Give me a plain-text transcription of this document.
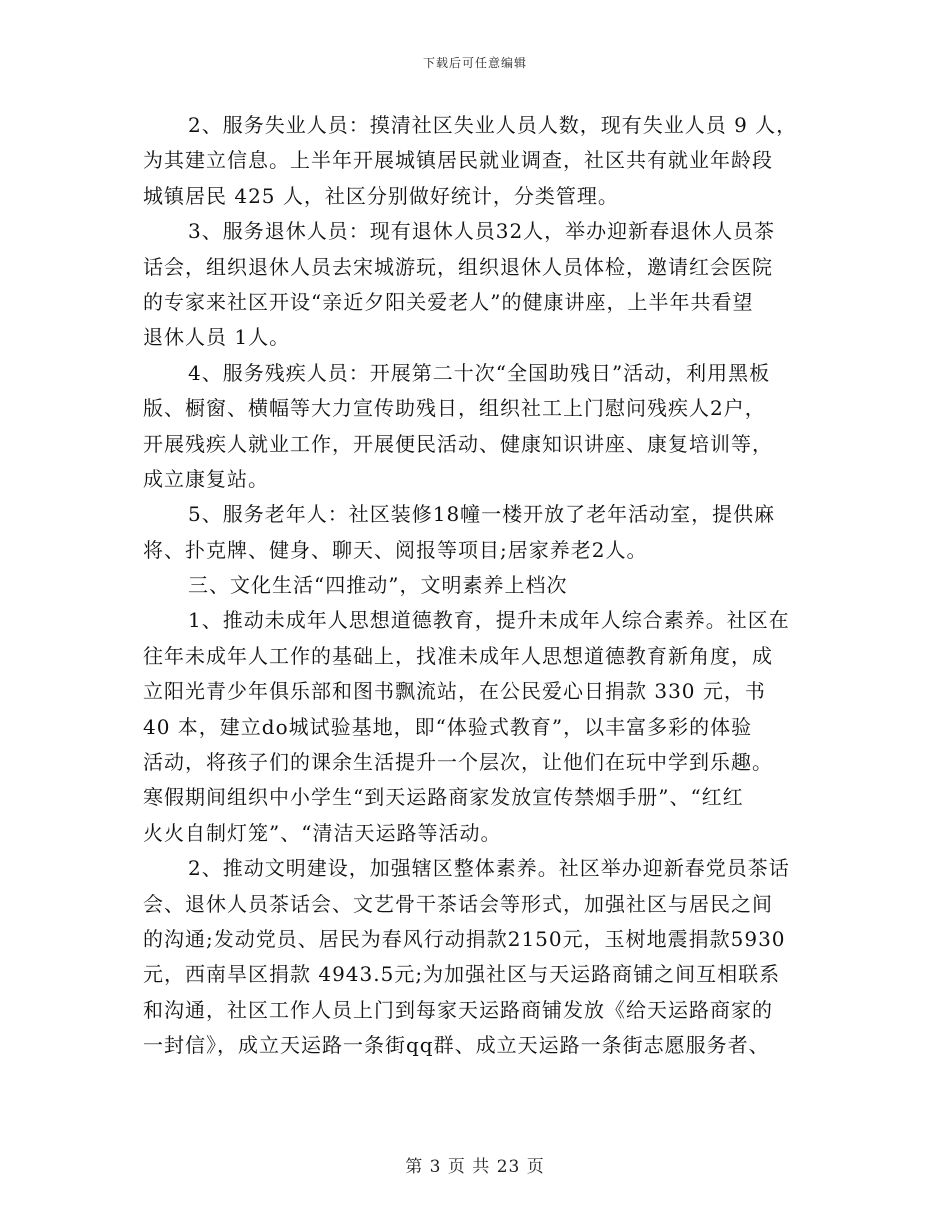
下载后可任意编辑
2、服务失业人员：摸清社区失业人员人数，现有失业人员 9 人，
为其建立信息。上半年开展城镇居民就业调查，社区共有就业年龄段
城镇居民 425 人，社区分别做好统计，分类管理。
3、服务退休人员：现有退休人员32人，举办迎新春退休人员茶
话会，组织退休人员去宋城游玩，组织退休人员体检，邀请红会医院
的专家来社区开设“亲近夕阳关爱老人”的健康讲座，上半年共看望
退休人员 1人。
4、服务残疾人员：开展第二十次“全国助残日”活动，利用黑板
版、橱窗、横幅等大力宣传助残日，组织社工上门慰问残疾人2户，
开展残疾人就业工作，开展便民活动、健康知识讲座、康复培训等，
成立康复站。
5、服务老年人：社区装修18幢一楼开放了老年活动室，提供麻
将、扑克牌、健身、聊天、阅报等项目;居家养老2人。
三、文化生活“四推动”，文明素养上档次
1、推动未成年人思想道德教育，提升未成年人综合素养。社区在
往年未成年人工作的基础上，找准未成年人思想道德教育新角度，成
立阳光青少年俱乐部和图书飘流站，在公民爱心日捐款 330 元，书
40 本，建立do城试验基地，即“体验式教育”，以丰富多彩的体验
活动，将孩子们的课余生活提升一个层次，让他们在玩中学到乐趣。
寒假期间组织中小学生“到天运路商家发放宣传禁烟手册”、“红红
火火自制灯笼”、“清洁天运路等活动。
2、推动文明建设，加强辖区整体素养。社区举办迎新春党员茶话
会、退休人员茶话会、文艺骨干茶话会等形式，加强社区与居民之间
的沟通;发动党员、居民为春风行动捐款2150元，玉树地震捐款5930
元，西南旱区捐款 4943.5元;为加强社区与天运路商铺之间互相联系
和沟通，社区工作人员上门到每家天运路商铺发放《给天运路商家的
一封信》，成立天运路一条街qq群、成立天运路一条街志愿服务者、
第 3 页 共 23 页
